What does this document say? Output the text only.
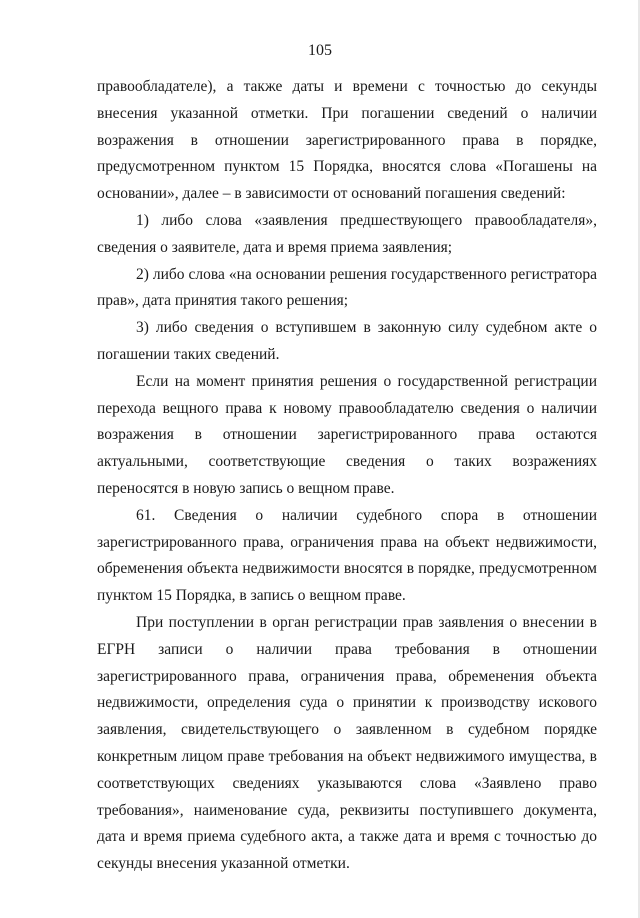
105

правообладателе), а также даты и времени с точностью до секунды внесения указанной отметки. При погашении сведений о наличии возражения в отношении зарегистрированного права в порядке, предусмотренном пунктом 15 Порядка, вносятся слова «Погашены на основании», далее – в зависимости от оснований погашения сведений:

1) либо слова «заявления предшествующего правообладателя», сведения о заявителе, дата и время приема заявления;

2) либо слова «на основании решения государственного регистратора прав», дата принятия такого решения;

3) либо сведения о вступившем в законную силу судебном акте о погашении таких сведений.

Если на момент принятия решения о государственной регистрации перехода вещного права к новому правообладателю сведения о наличии возражения в отношении зарегистрированного права остаются актуальными, соответствующие сведения о таких возражениях переносятся в новую запись о вещном праве.

61. Сведения о наличии судебного спора в отношении зарегистрированного права, ограничения права на объект недвижимости, обременения объекта недвижимости вносятся в порядке, предусмотренном пунктом 15 Порядка, в запись о вещном праве.

При поступлении в орган регистрации прав заявления о внесении в ЕГРН записи о наличии права требования в отношении зарегистрированного права, ограничения права, обременения объекта недвижимости, определения суда о принятии к производству искового заявления, свидетельствующего о заявленном в судебном порядке конкретным лицом праве требования на объект недвижимого имущества, в соответствующих сведениях указываются слова «Заявлено право требования», наименование суда, реквизиты поступившего документа, дата и время приема судебного акта, а также дата и время с точностью до секунды внесения указанной отметки.
